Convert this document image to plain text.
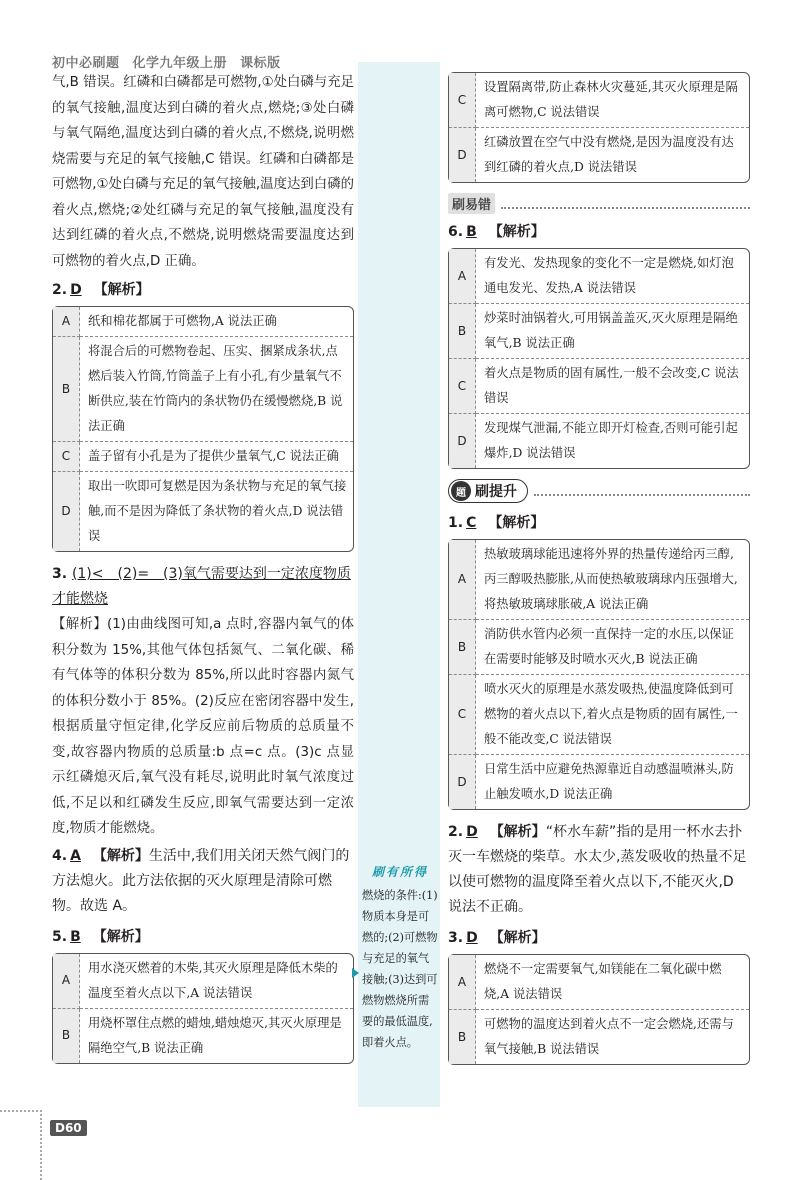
初中必刷题 化学九年级上册 课标版

气,B 错误。红磷和白磷都是可燃物,①处白磷与充足的氧气接触,温度达到白磷的着火点,燃烧;③处白磷与氧气隔绝,温度达到白磷的着火点,不燃烧,说明燃烧需要与充足的氧气接触,C 错误。红磷和白磷都是可燃物,①处白磷与充足的氧气接触,温度达到白磷的着火点,燃烧;②处红磷与充足的氧气接触,温度没有达到红磷的着火点,不燃烧,说明燃烧需要温度达到可燃物的着火点,D 正确。

2. D 【解析】

A	纸和棉花都属于可燃物,A 说法正确
B	将混合后的可燃物卷起、压实、捆紧成条状,点燃后装入竹筒,竹筒盖子上有小孔,有少量氧气不断供应,装在竹筒内的条状物仍在缓慢燃烧,B 说法正确
C	盖子留有小孔是为了提供少量氧气,C 说法正确
D	取出一吹即可复燃是因为条状物与充足的氧气接触,而不是因为降低了条状物的着火点,D 说法错误

3. (1)<　(2)=　(3)氧气需要达到一定浓度物质才能燃烧

【解析】(1)由曲线图可知,a 点时,容器内氧气的体积分数为 15%,其他气体包括氮气、二氧化碳、稀有气体等的体积分数为 85%,所以此时容器内氮气的体积分数小于 85%。(2)反应在密闭容器中发生,根据质量守恒定律,化学反应前后物质的总质量不变,故容器内物质的总质量:b 点=c 点。(3)c 点显示红磷熄灭后,氧气没有耗尽,说明此时氧气浓度过低,不足以和红磷发生反应,即氧气需要达到一定浓度,物质才能燃烧。

4. A 【解析】生活中,我们用关闭天然气阀门的方法熄火。此方法依据的灭火原理是清除可燃物。故选 A。

5. B 【解析】

A	用水浇灭燃着的木柴,其灭火原理是降低木柴的温度至着火点以下,A 说法错误
B	用烧杯罩住点燃的蜡烛,蜡烛熄灭,其灭火原理是隔绝空气,B 说法正确
刷有所得
燃烧的条件:(1)物质本身是可燃的;(2)可燃物与充足的氧气接触;(3)达到可燃物燃烧所需要的最低温度,即着火点。
C	设置隔离带,防止森林火灾蔓延,其灭火原理是隔离可燃物,C 说法错误
D	红磷放置在空气中没有燃烧,是因为温度没有达到红磷的着火点,D 说法错误
刷易错

6. B 【解析】

A	有发光、发热现象的变化不一定是燃烧,如灯泡通电发光、发热,A 说法错误
B	炒菜时油锅着火,可用锅盖盖灭,灭火原理是隔绝氧气,B 说法正确
C	着火点是物质的固有属性,一般不会改变,C 说法错误
D	发现煤气泄漏,不能立即开灯检查,否则可能引起爆炸,D 说法错误
题 刷提升

1. C 【解析】

A	热敏玻璃球能迅速将外界的热量传递给丙三醇,丙三醇吸热膨胀,从而使热敏玻璃球内压强增大,将热敏玻璃球胀破,A 说法正确
B	消防供水管内必须一直保持一定的水压,以保证在需要时能够及时喷水灭火,B 说法正确
C	喷水灭火的原理是水蒸发吸热,使温度降低到可燃物的着火点以下,着火点是物质的固有属性,一般不能改变,C 说法错误
D	日常生活中应避免热源靠近自动感温喷淋头,防止触发喷水,D 说法正确

2. D 【解析】“杯水车薪”指的是用一杯水去扑灭一车燃烧的柴草。水太少,蒸发吸收的热量不足以使可燃物的温度降至着火点以下,不能灭火,D 说法不正确。

3. D 【解析】

A	燃烧不一定需要氧气,如镁能在二氧化碳中燃烧,A 说法错误
B	可燃物的温度达到着火点不一定会燃烧,还需与氧气接触,B 说法错误
D60
